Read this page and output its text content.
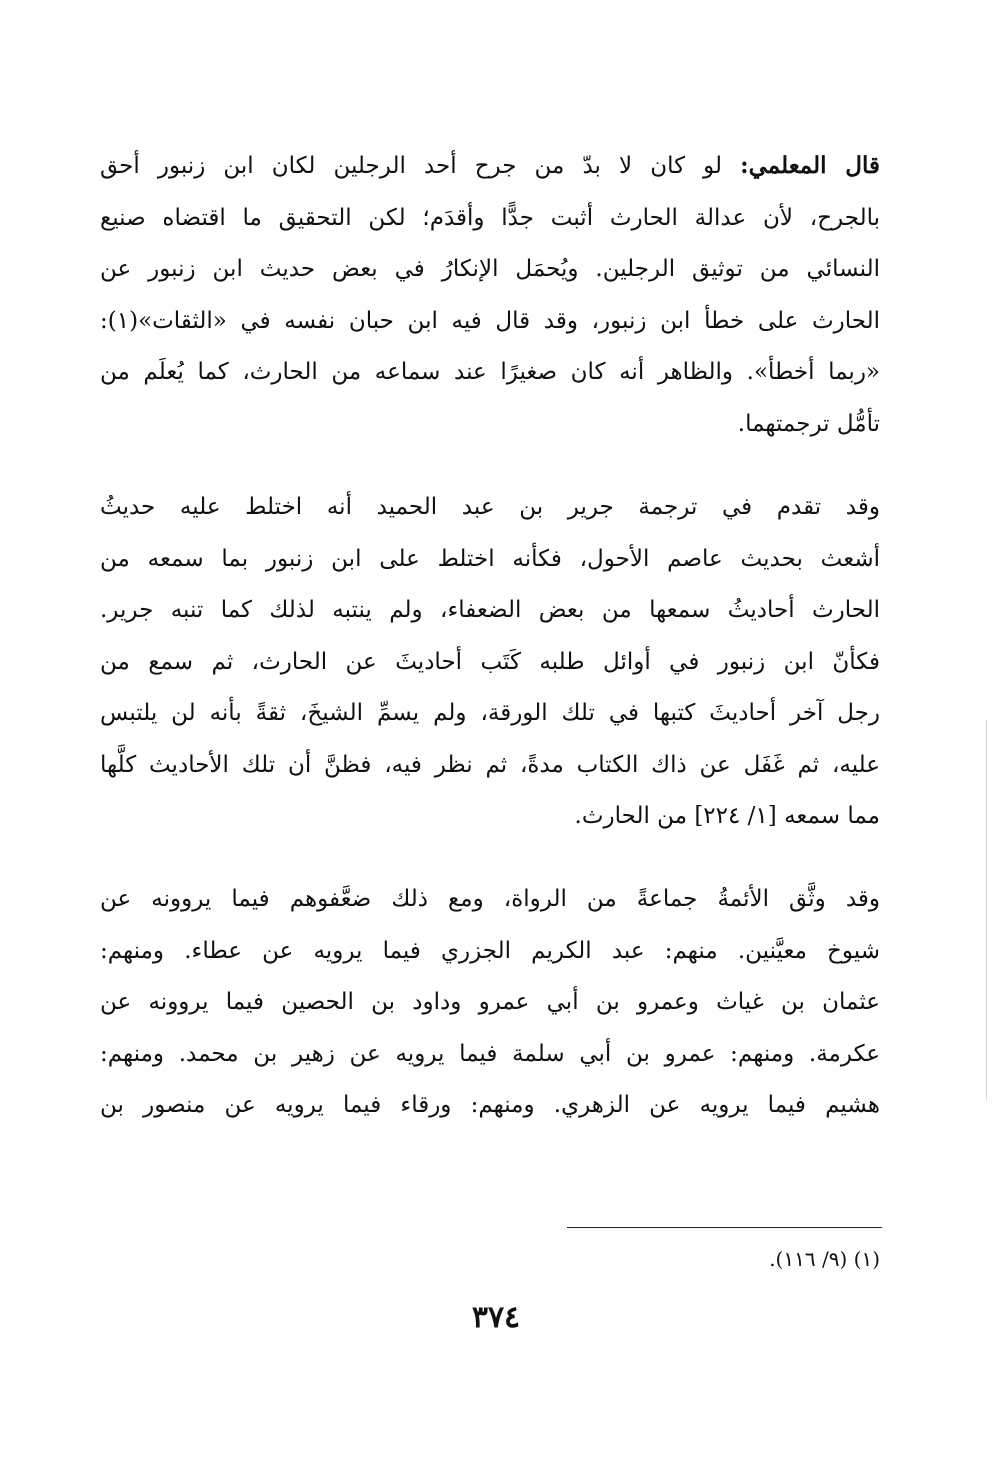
قال المعلمي: لو كان لا بدّ من جرح أحد الرجلين لكان ابن زنبور أحق
بالجرح، لأن عدالة الحارث أثبت جدًّا وأقدَم؛ لكن التحقيق ما اقتضاه صنيع
النسائي من توثيق الرجلين. ويُحمَل الإنكارُ في بعض حديث ابن زنبور عن
الحارث على خطأ ابن زنبور، وقد قال فيه ابن حبان نفسه في «الثقات»(١):
«ربما أخطأ». والظاهر أنه كان صغيرًا عند سماعه من الحارث، كما يُعلَم من
تأمُّل ترجمتهما.
وقد تقدم في ترجمة جرير بن عبد الحميد أنه اختلط عليه حديثُ
أشعث بحديث عاصم الأحول، فكأنه اختلط على ابن زنبور بما سمعه من
الحارث أحاديثُ سمعها من بعض الضعفاء، ولم ينتبه لذلك كما تنبه جرير.
فكأنّ ابن زنبور في أوائل طلبه كَتَب أحاديثَ عن الحارث، ثم سمع من
رجل آخر أحاديثَ كتبها في تلك الورقة، ولم يسمِّ الشيخَ، ثقةً بأنه لن يلتبس
عليه، ثم غَفَل عن ذاك الكتاب مدةً، ثم نظر فيه، فظنَّ أن تلك الأحاديث كلَّها
مما سمعه [١/ ٢٢٤] من الحارث.
وقد وثَّق الأئمةُ جماعةً من الرواة، ومع ذلك ضعَّفوهم فيما يروونه عن
شيوخ معيَّنين. منهم: عبد الكريم الجزري فيما يرويه عن عطاء. ومنهم:
عثمان بن غياث وعمرو بن أبي عمرو وداود بن الحصين فيما يروونه عن
عكرمة. ومنهم: عمرو بن أبي سلمة فيما يرويه عن زهير بن محمد. ومنهم:
هشيم فيما يرويه عن الزهري. ومنهم: ورقاء فيما يرويه عن منصور بن
(١) (٩/ ١١٦).
٣٧٤
